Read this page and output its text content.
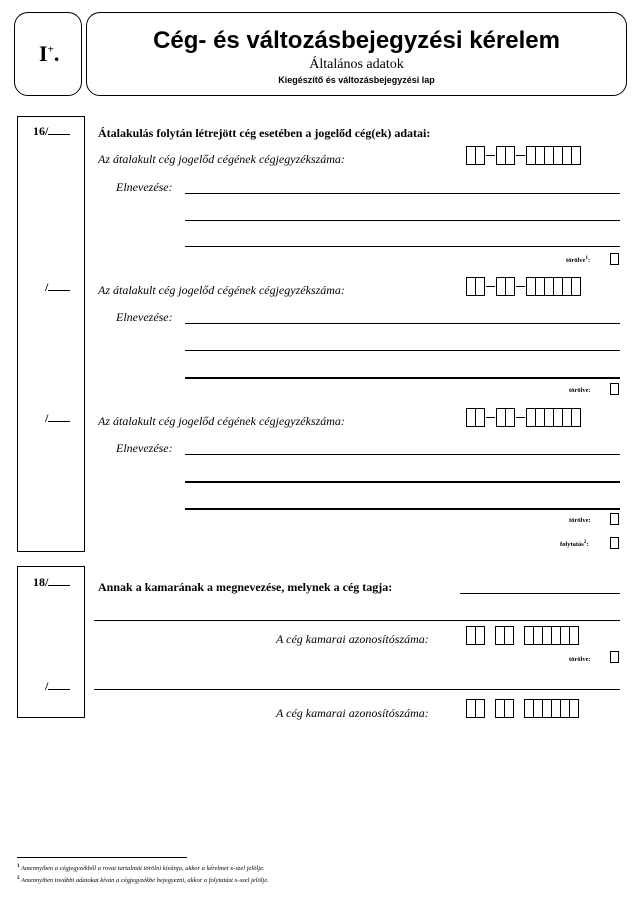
I+.	Cég- és változásbejegyzési kérelem
Általános adatok
Kiegészítő és változásbejegyzési lap
16/
/
/
Átalakulás folytán létrejött cég esetében a jogelőd cég(ek) adatai:
Az átalakult cég jogelőd cégének cégjegyzékszáma:
Elnevezése:
törölve$^1$:
Az átalakult cég jogelőd cégének cégjegyzékszáma:
Elnevezése:
törölve:
Az átalakult cég jogelőd cégének cégjegyzékszáma:
Elnevezése:
törölve:
folytatás$^2$:
18/
/
Annak a kamarának a megnevezése, melynek a cég tagja:
A cég kamarai azonosítószáma:
törölve:
A cég kamarai azonosítószáma:
$^1$ Amennyiben a cégjegyzékből a rovat tartalmát törölni kívánja, akkor a kérelmet x-szel jelölje.
$^2$ Amennyiben további adatokat kíván a cégjegyzékbe bejegyezni, akkor a folytatást x-szel jelölje.
